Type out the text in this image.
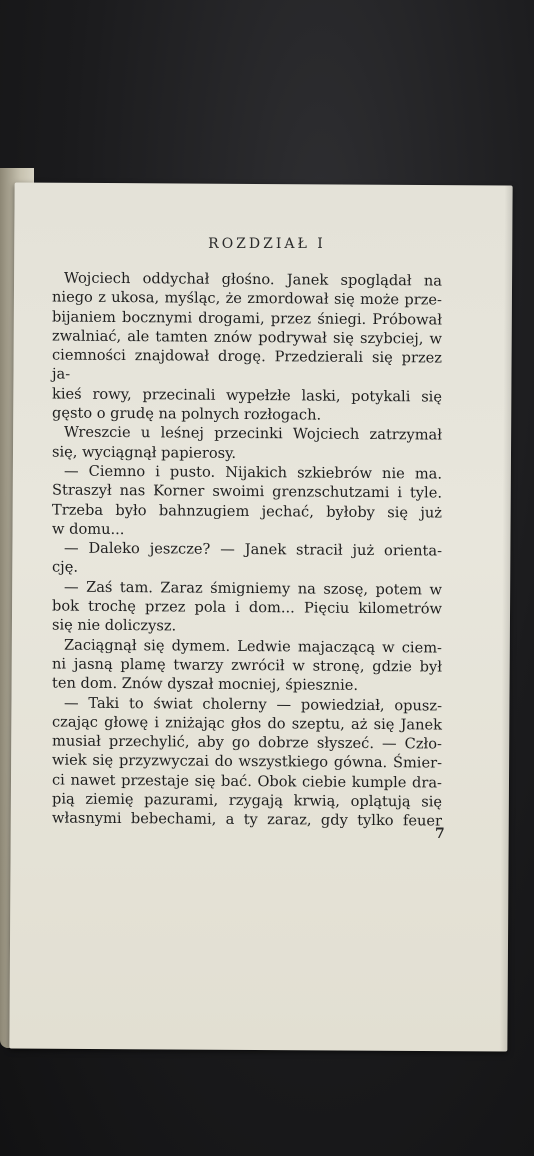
ROZDZIAŁ I
Wojciech oddychał głośno. Janek spoglądał na
niego z ukosa, myśląc, że zmordował się może prze-
bijaniem bocznymi drogami, przez śniegi. Próbował
zwalniać, ale tamten znów podrywał się szybciej, w
ciemności znajdował drogę. Przedzierali się przez ja-
kieś rowy, przecinali wypełzłe laski, potykali się
gęsto o grudę na polnych rozłogach.
Wreszcie u leśnej przecinki Wojciech zatrzymał
się, wyciągnął papierosy.
— Ciemno i pusto. Nijakich szkiebrów nie ma.
Straszył nas Korner swoimi grenzschutzami i tyle.
Trzeba było bahnzugiem jechać, byłoby się już
w domu...
— Daleko jeszcze? — Janek stracił już orienta-
cję.
— Zaś tam. Zaraz śmigniemy na szosę, potem w
bok trochę przez pola i dom... Pięciu kilometrów
się nie doliczysz.
Zaciągnął się dymem. Ledwie majaczącą w ciem-
ni jasną plamę twarzy zwrócił w stronę, gdzie był
ten dom. Znów dyszał mocniej, śpiesznie.
— Taki to świat cholerny — powiedział, opusz-
czając głowę i zniżając głos do szeptu, aż się Janek
musiał przechylić, aby go dobrze słyszeć. — Czło-
wiek się przyzwyczai do wszystkiego gówna. Śmier-
ci nawet przestaje się bać. Obok ciebie kumple dra-
pią ziemię pazurami, rzygają krwią, oplątują się
własnymi bebechami, a ty zaraz, gdy tylko feuer
7
